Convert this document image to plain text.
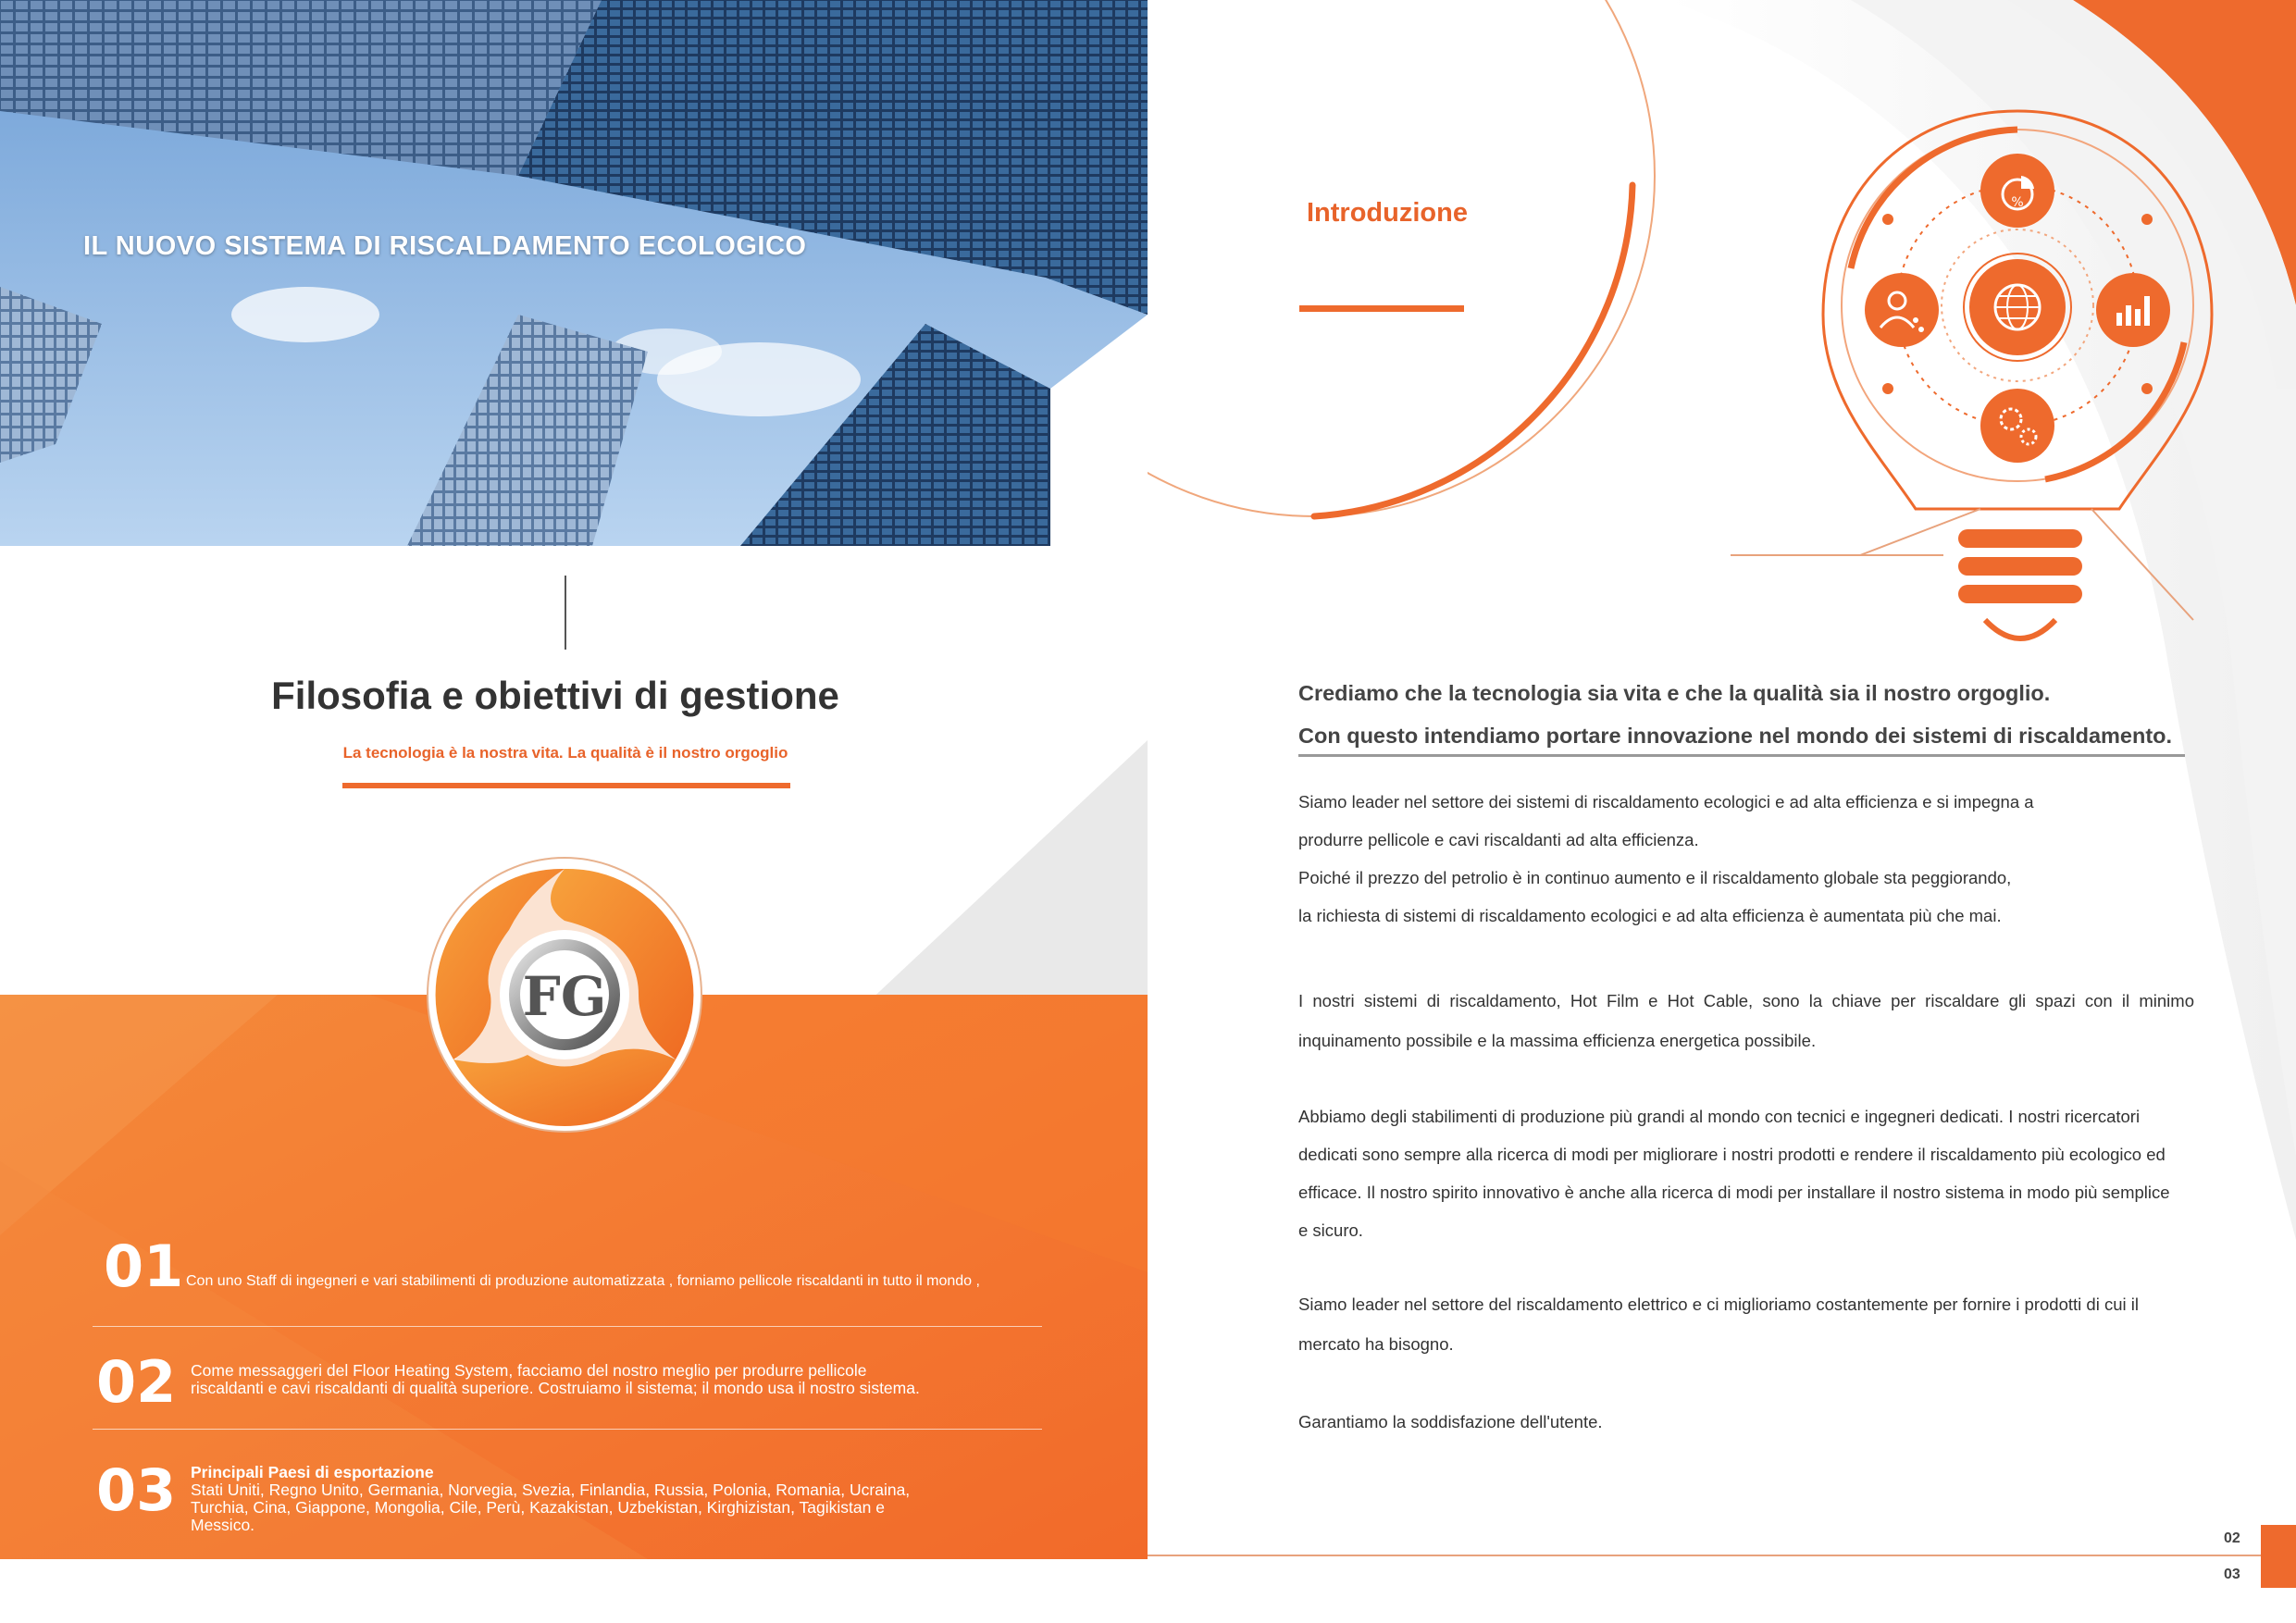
%
IL NUOVO SISTEMA DI RISCALDAMENTO ECOLOGICO
Filosofia e obiettivi di gestione
La tecnologia è la nostra vita. La qualità è il nostro orgoglio
FG
01 Con uno Staff di ingegneri e vari stabilimenti di produzione automatizzata , forniamo pellicole riscaldanti in tutto il mondo ,
02 Come messaggeri del Floor Heating System, facciamo del nostro meglio per produrre pellicole
riscaldanti e cavi riscaldanti di qualità superiore. Costruiamo il sistema; il mondo usa il nostro sistema.
03 Principali Paesi di esportazione
Stati Uniti, Regno Unito, Germania, Norvegia, Svezia, Finlandia, Russia, Polonia, Romania, Ucraina,
Turchia, Cina, Giappone, Mongolia, Cile, Perù, Kazakistan, Uzbekistan, Kirghizistan, Tagikistan e
Messico.
Introduzione
Crediamo che la tecnologia sia vita e che la qualità sia il nostro orgoglio.
Con questo intendiamo portare innovazione nel mondo dei sistemi di riscaldamento.

Siamo leader nel settore dei sistemi di riscaldamento ecologici e ad alta efficienza e si impegna a

produrre pellicole e cavi riscaldanti ad alta efficienza.

Poiché il prezzo del petrolio è in continuo aumento e il riscaldamento globale sta peggiorando,

la richiesta di sistemi di riscaldamento ecologici e ad alta efficienza è aumentata più che mai.

I nostri sistemi di riscaldamento, Hot Film e Hot Cable, sono la chiave per riscaldare gli spazi con il minimo

inquinamento possibile e la massima efficienza energetica possibile.

Abbiamo degli stabilimenti di produzione più grandi al mondo con tecnici e ingegneri dedicati. I nostri ricercatori

dedicati sono sempre alla ricerca di modi per migliorare i nostri prodotti e rendere il riscaldamento più ecologico ed

efficace. Il nostro spirito innovativo è anche alla ricerca di modi per installare il nostro sistema in modo più semplice

e sicuro.

Siamo leader nel settore del riscaldamento elettrico e ci miglioriamo costantemente per fornire i prodotti di cui il

mercato ha bisogno.

Garantiamo la soddisfazione dell'utente.

02
03
